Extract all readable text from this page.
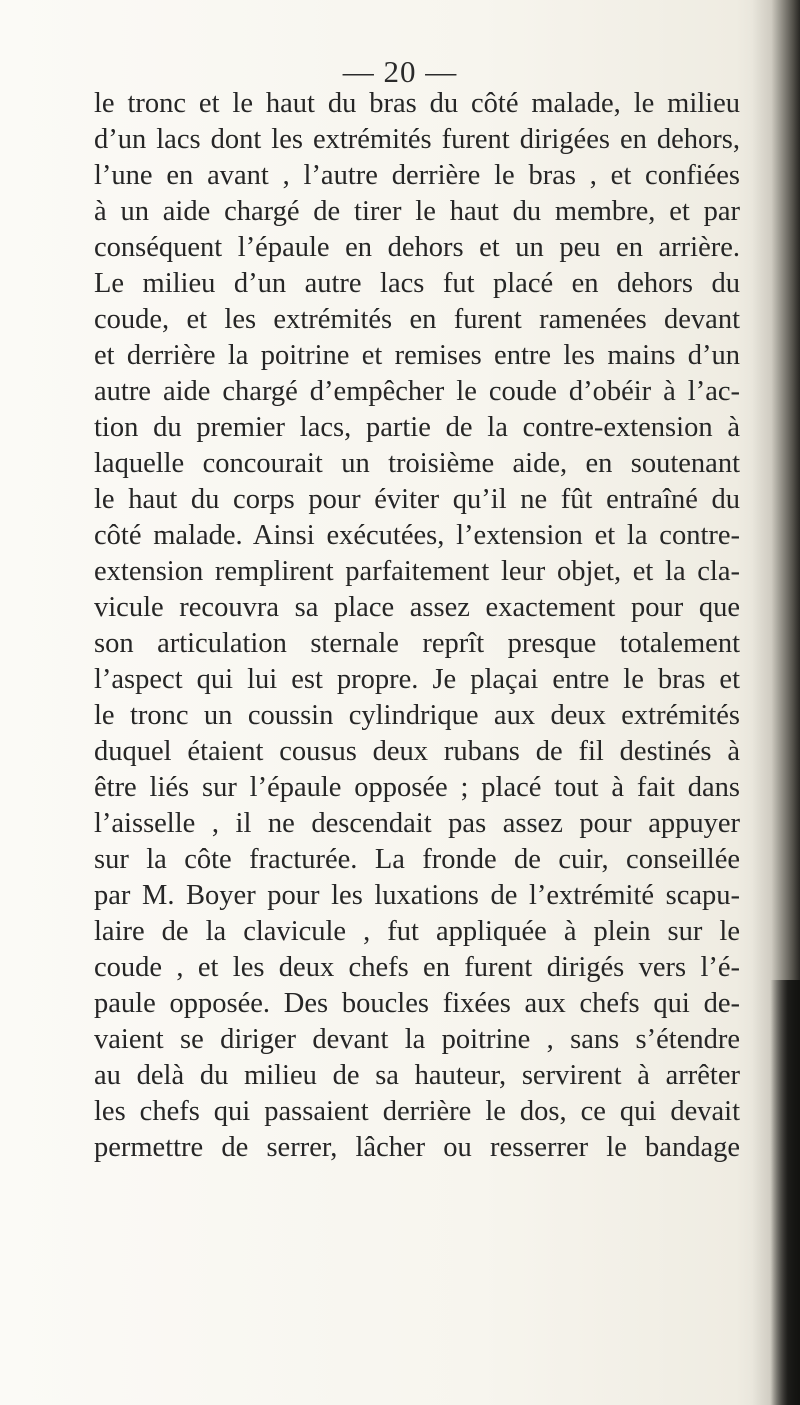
— 20 —
le tronc et le haut du bras du côté malade, le milieu
d’un lacs dont les extrémités furent dirigées en dehors,
l’une en avant , l’autre derrière le bras , et confiées
à un aide chargé de tirer le haut du membre, et par
conséquent l’épaule en dehors et un peu en arrière.
Le milieu d’un autre lacs fut placé en dehors du
coude, et les extrémités en furent ramenées devant
et derrière la poitrine et remises entre les mains d’un
autre aide chargé d’empêcher le coude d’obéir à l’ac-
tion du premier lacs, partie de la contre-extension à
laquelle concourait un troisième aide, en soutenant
le haut du corps pour éviter qu’il ne fût entraîné du
côté malade. Ainsi exécutées, l’extension et la contre-
extension remplirent parfaitement leur objet, et la cla-
vicule recouvra sa place assez exactement pour que
son articulation sternale reprît presque totalement
l’aspect qui lui est propre. Je plaçai entre le bras et
le tronc un coussin cylindrique aux deux extrémités
duquel étaient cousus deux rubans de fil destinés à
être liés sur l’épaule opposée ; placé tout à fait dans
l’aisselle , il ne descendait pas assez pour appuyer
sur la côte fracturée. La fronde de cuir, conseillée
par M. Boyer pour les luxations de l’extrémité scapu-
laire de la clavicule , fut appliquée à plein sur le
coude , et les deux chefs en furent dirigés vers l’é-
paule opposée. Des boucles fixées aux chefs qui de-
vaient se diriger devant la poitrine , sans s’étendre
au delà du milieu de sa hauteur, servirent à arrêter
les chefs qui passaient derrière le dos, ce qui devait
permettre de serrer, lâcher ou resserrer le bandage
